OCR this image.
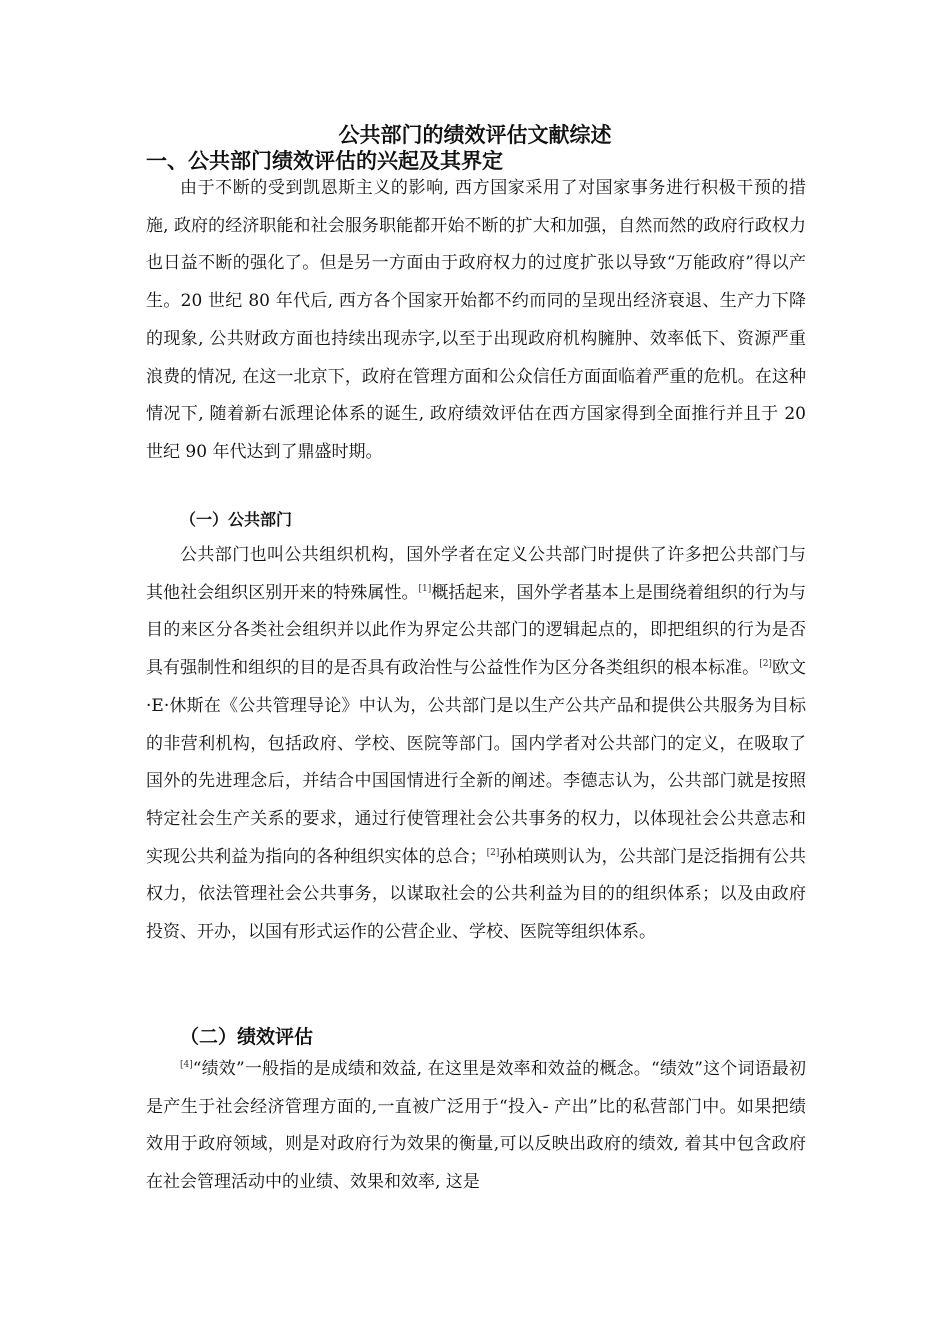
公共部门的绩效评估文献综述
一、公共部门绩效评估的兴起及其界定

由于不断的受到凯恩斯主义的影响, 西方国家采用了对国家事务进行积极干预的措施, 政府的经济职能和社会服务职能都开始不断的扩大和加强，自然而然的政府行政权力也日益不断的强化了。但是另一方面由于政府权力的过度扩张以导致“万能政府”得以产生。20 世纪 80 年代后, 西方各个国家开始都不约而同的呈现出经济衰退、生产力下降的现象, 公共财政方面也持续出现赤字,以至于出现政府机构臃肿、效率低下、资源严重浪费的情况, 在这一北京下，政府在管理方面和公众信任方面面临着严重的危机。在这种情况下, 随着新右派理论体系的诞生, 政府绩效评估在西方国家得到全面推行并且于 20 世纪 90 年代达到了鼎盛时期。

（一）公共部门

公共部门也叫公共组织机构，国外学者在定义公共部门时提供了许多把公共部门与其他社会组织区别开来的特殊属性。[1]概括起来，国外学者基本上是围绕着组织的行为与目的来区分各类社会组织并以此作为界定公共部门的逻辑起点的，即把组织的行为是否具有强制性和组织的目的是否具有政治性与公益性作为区分各类组织的根本标准。[2]欧文·E·休斯在《公共管理导论》中认为，公共部门是以生产公共产品和提供公共服务为目标的非营利机构，包括政府、学校、医院等部门。国内学者对公共部门的定义，在吸取了国外的先进理念后，并结合中国国情进行全新的阐述。李德志认为，公共部门就是按照特定社会生产关系的要求，通过行使管理社会公共事务的权力，以体现社会公共意志和实现公共利益为指向的各种组织实体的总合；[2]孙柏瑛则认为，公共部门是泛指拥有公共权力，依法管理社会公共事务，以谋取社会的公共利益为目的的组织体系；以及由政府投资、开办，以国有形式运作的公营企业、学校、医院等组织体系。

（二）绩效评估

[4]“绩效”一般指的是成绩和效益, 在这里是效率和效益的概念。“绩效”这个词语最初是产生于社会经济管理方面的,一直被广泛用于“投入- 产出”比的私营部门中。如果把绩效用于政府领域，则是对政府行为效果的衡量,可以反映出政府的绩效, 着其中包含政府在社会管理活动中的业绩、效果和效率, 这是
